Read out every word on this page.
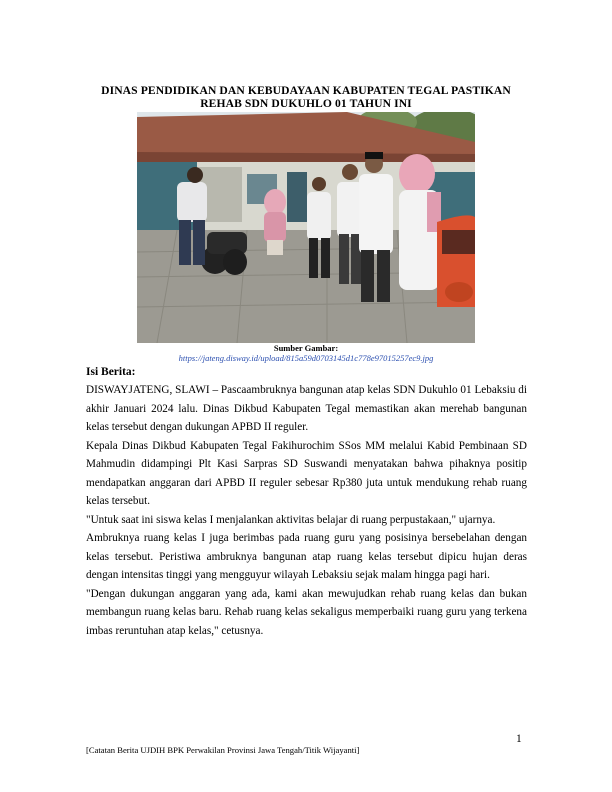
DINAS PENDIDIKAN DAN KEBUDAYAAN KABUPATEN TEGAL PASTIKAN REHAB SDN DUKUHLO 01 TAHUN INI
Sumber Gambar:
https://jateng.disway.id/upload/815a59d0703145d1c778e97015257ec9.jpg
Isi Berita:

DISWAYJATENG, SLAWI – Pascaambruknya bangunan atap kelas SDN Dukuhlo 01 Lebaksiu di akhir Januari 2024 lalu. Dinas Dikbud Kabupaten Tegal memastikan akan merehab bangunan kelas tersebut dengan dukungan APBD II reguler.

Kepala Dinas Dikbud Kabupaten Tegal Fakihurochim SSos MM melalui Kabid Pembinaan SD Mahmudin didampingi Plt Kasi Sarpras SD Suswandi menyatakan bahwa pihaknya positip mendapatkan anggaran dari APBD II reguler sebesar Rp380 juta untuk mendukung rehab ruang kelas tersebut.

"Untuk saat ini siswa kelas I menjalankan aktivitas belajar di ruang perpustakaan," ujarnya.

Ambruknya ruang kelas I juga berimbas pada ruang guru yang posisinya bersebelahan dengan kelas tersebut. Peristiwa ambruknya bangunan atap ruang kelas tersebut dipicu hujan deras dengan intensitas tinggi yang mengguyur wilayah Lebaksiu sejak malam hingga pagi hari.

"Dengan dukungan anggaran yang ada, kami akan mewujudkan rehab ruang kelas dan bukan membangun ruang kelas baru. Rehab ruang kelas sekaligus memperbaiki ruang guru yang terkena imbas reruntuhan atap kelas," cetusnya.

1
[Catatan Berita UJDIH BPK Perwakilan Provinsi Jawa Tengah/Titik Wijayanti]
